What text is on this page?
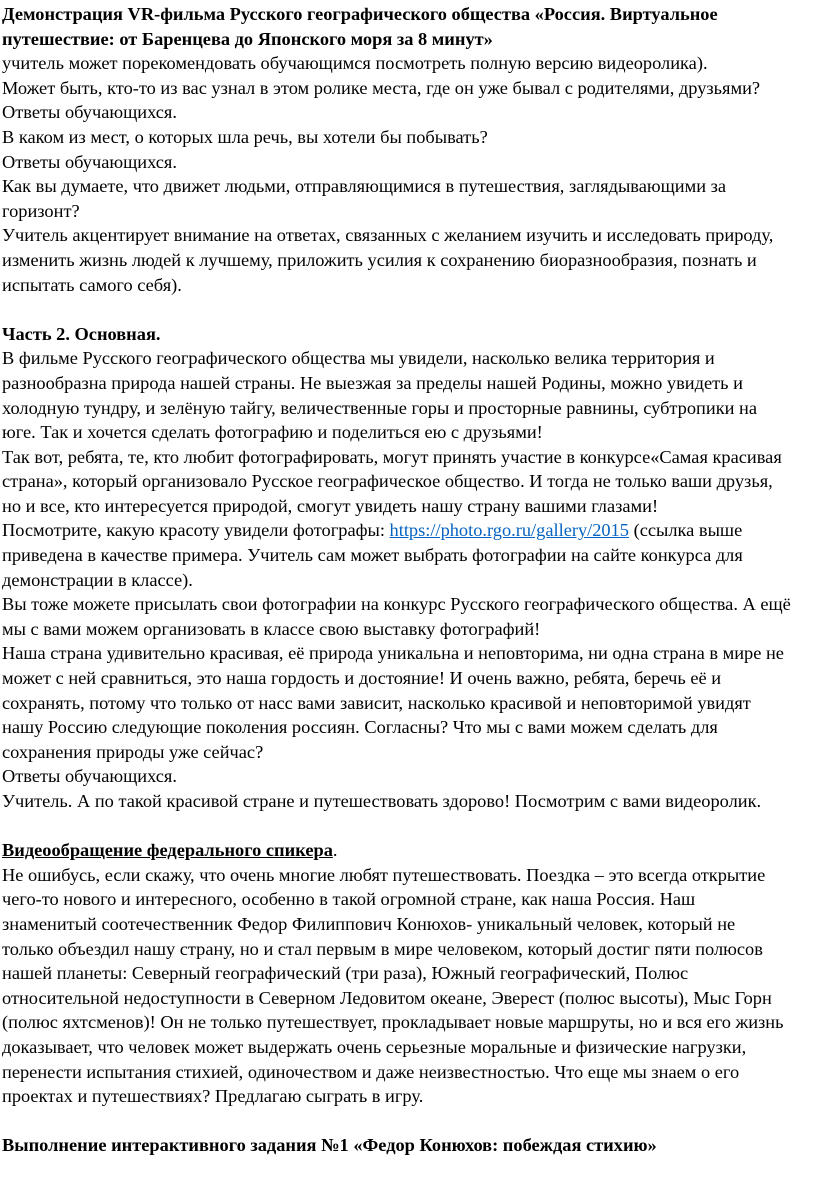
Демонстрация VR-фильма Русского географического общества «Россия. Виртуальное
путешествие: от Баренцева до Японского моря за 8 минут»
учитель может порекомендовать обучающимся посмотреть полную версию видеоролика).
Может быть, кто-то из вас узнал в этом ролике места, где он уже бывал с родителями, друзьями?
Ответы обучающихся.
В каком из мест, о которых шла речь, вы хотели бы побывать?
Ответы обучающихся.
Как вы думаете, что движет людьми, отправляющимися в путешествия, заглядывающими за
горизонт?
Учитель акцентирует внимание на ответах, связанных с желанием изучить и исследовать природу,
изменить жизнь людей к лучшему, приложить усилия к сохранению биоразнообразия, познать и
испытать самого себя).
Часть 2. Основная.
В фильме Русского географического общества мы увидели, насколько велика территория и
разнообразна природа нашей страны. Не выезжая за пределы нашей Родины, можно увидеть и
холодную тундру, и зелёную тайгу, величественные горы и просторные равнины, субтропики на
юге. Так и хочется сделать фотографию и поделиться ею с друзьями!
Так вот, ребята, те, кто любит фотографировать, могут принять участие в конкурсе«Самая красивая
страна», который организовало Русское географическое общество. И тогда не только ваши друзья,
но и все, кто интересуется природой, смогут увидеть нашу страну вашими глазами!
Посмотрите, какую красоту увидели фотографы: https://photo.rgo.ru/gallery/2015 (ссылка выше
приведена в качестве примера. Учитель сам может выбрать фотографии на сайте конкурса для
демонстрации в классе).
Вы тоже можете присылать свои фотографии на конкурс Русского географического общества. А ещё
мы с вами можем организовать в классе свою выставку фотографий!
Наша страна удивительно красивая, её природа уникальна и неповторима, ни одна страна в мире не
может с ней сравниться, это наша гордость и достояние! И очень важно, ребята, беречь её и
сохранять, потому что только от насс вами зависит, насколько красивой и неповторимой увидят
нашу Россию следующие поколения россиян. Согласны? Что мы с вами можем сделать для
сохранения природы уже сейчас?
Ответы обучающихся.
Учитель. А по такой красивой стране и путешествовать здорово! Посмотрим с вами видеоролик.
Видеообращение федерального спикера.
Не ошибусь, если скажу, что очень многие любят путешествовать. Поездка – это всегда открытие
чего-то нового и интересного, особенно в такой огромной стране, как наша Россия. Наш
знаменитый соотечественник Федор Филиппович Конюхов- уникальный человек, который не
только объездил нашу страну, но и стал первым в мире человеком, который достиг пяти полюсов
нашей планеты: Северный географический (три раза), Южный географический, Полюс
относительной недоступности в Северном Ледовитом океане, Эверест (полюс высоты), Мыс Горн
(полюс яхтсменов)! Он не только путешествует, прокладывает новые маршруты, но и вся его жизнь
доказывает, что человек может выдержать очень серьезные моральные и физические нагрузки,
перенести испытания стихией, одиночеством и даже неизвестностью. Что еще мы знаем о его
проектах и путешествиях? Предлагаю сыграть в игру.
Выполнение интерактивного задания №1 «Федор Конюхов: побеждая стихию»
